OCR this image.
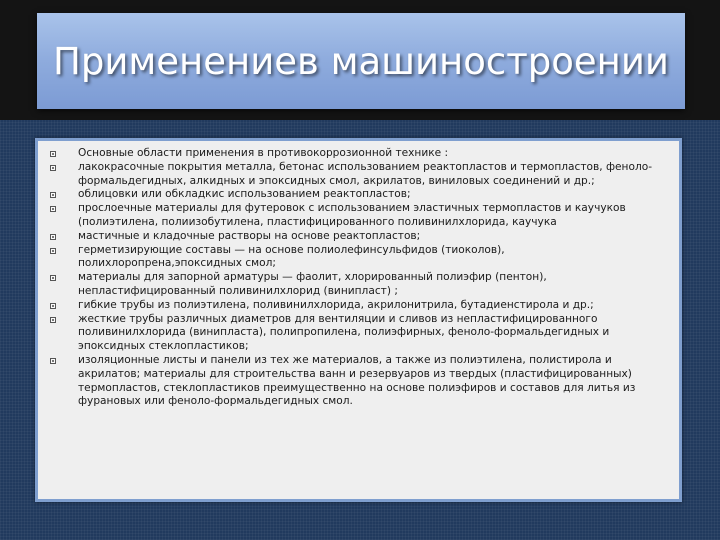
Применениев машиностроении
Основные области применения в противокоррозионной технике :
лакокрасочные покрытия металла, бетонас использованием реактопластов и термопластов, феноло-формальдегидных, алкидных и эпоксидных смол, акрилатов, виниловых соединений и др.;
облицовки или обкладкис использованием реактопластов;
прослоечные материалы для футеровок с использованием эластичных термопластов и каучуков (полиэтилена, полиизобутилена, пластифицированного поливинилхлорида, каучука
мастичные и кладочные растворы на основе реактопластов;
герметизирующие составы — на основе полиолефинсульфидов (тиоколов), полихлоропрена,эпоксидных смол;
материалы для запорной арматуры — фаолит, хлорированный полиэфир (пентон), непластифицированный поливинилхлорид (винипласт) ;
гибкие трубы из полиэтилена, поливинилхлорида, акрилонитрила, бутадиенстирола и др.;
жесткие трубы различных диаметров для вентиляции и сливов из непластифицированного поливинилхлорида (винипласта), полипропилена, полиэфирных, феноло-формальдегидных и эпоксидных стеклопластиков;
изоляционные листы и панели из тех же материалов, а также из полиэтилена, полистирола и акрилатов; материалы для строительства ванн и резервуаров из твердых (пластифицированных) термопластов, стеклопластиков преимущественно на основе полиэфиров и составов для литья из фурановых или феноло-формальдегидных смол.
